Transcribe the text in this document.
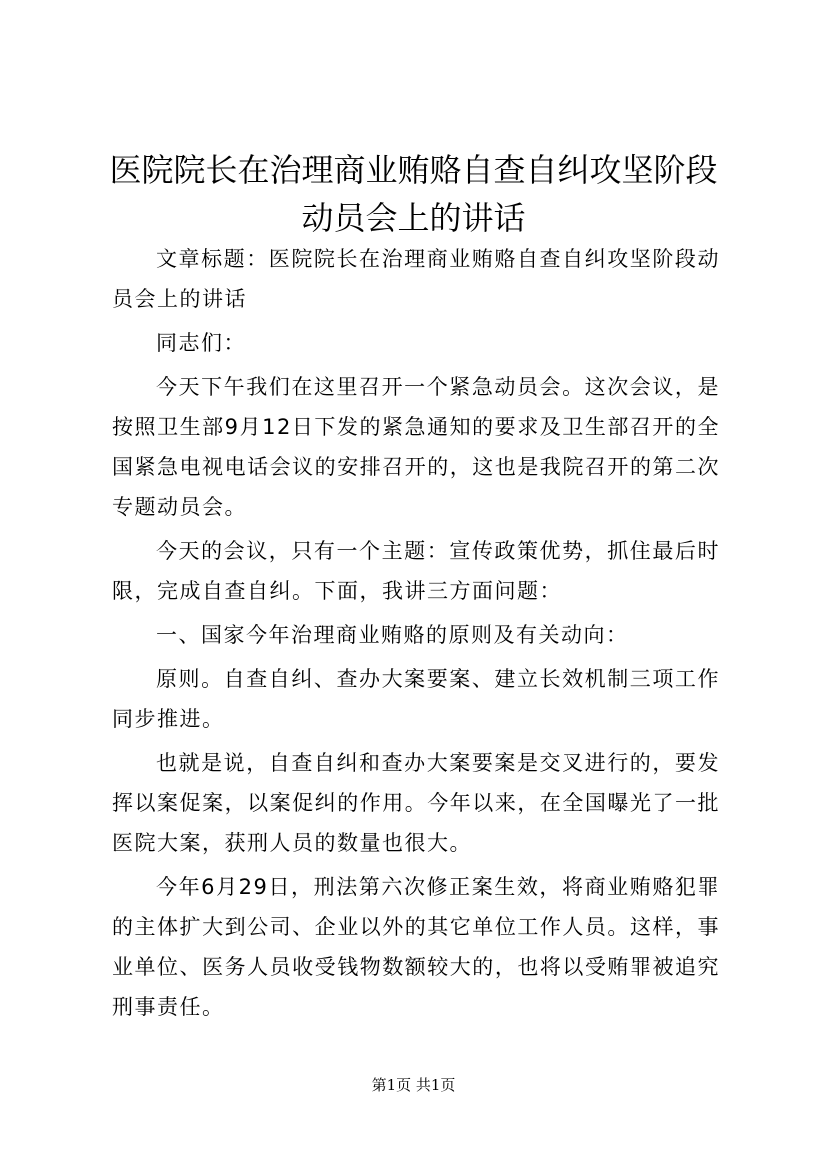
医院院长在治理商业贿赂自查自纠攻坚阶段动员会上的讲话

文章标题：医院院长在治理商业贿赂自查自纠攻坚阶段动员会上的讲话

同志们：

今天下午我们在这里召开一个紧急动员会。这次会议，是按照卫生部9月12日下发的紧急通知的要求及卫生部召开的全国紧急电视电话会议的安排召开的，这也是我院召开的第二次专题动员会。

今天的会议，只有一个主题：宣传政策优势，抓住最后时限，完成自查自纠。下面，我讲三方面问题：

一、国家今年治理商业贿赂的原则及有关动向：

原则。自查自纠、查办大案要案、建立长效机制三项工作同步推进。

也就是说，自查自纠和查办大案要案是交叉进行的，要发挥以案促案，以案促纠的作用。今年以来，在全国曝光了一批医院大案，获刑人员的数量也很大。

今年6月29日，刑法第六次修正案生效，将商业贿赂犯罪的主体扩大到公司、企业以外的其它单位工作人员。这样，事业单位、医务人员收受钱物数额较大的，也将以受贿罪被追究刑事责任。

第1页 共1页
